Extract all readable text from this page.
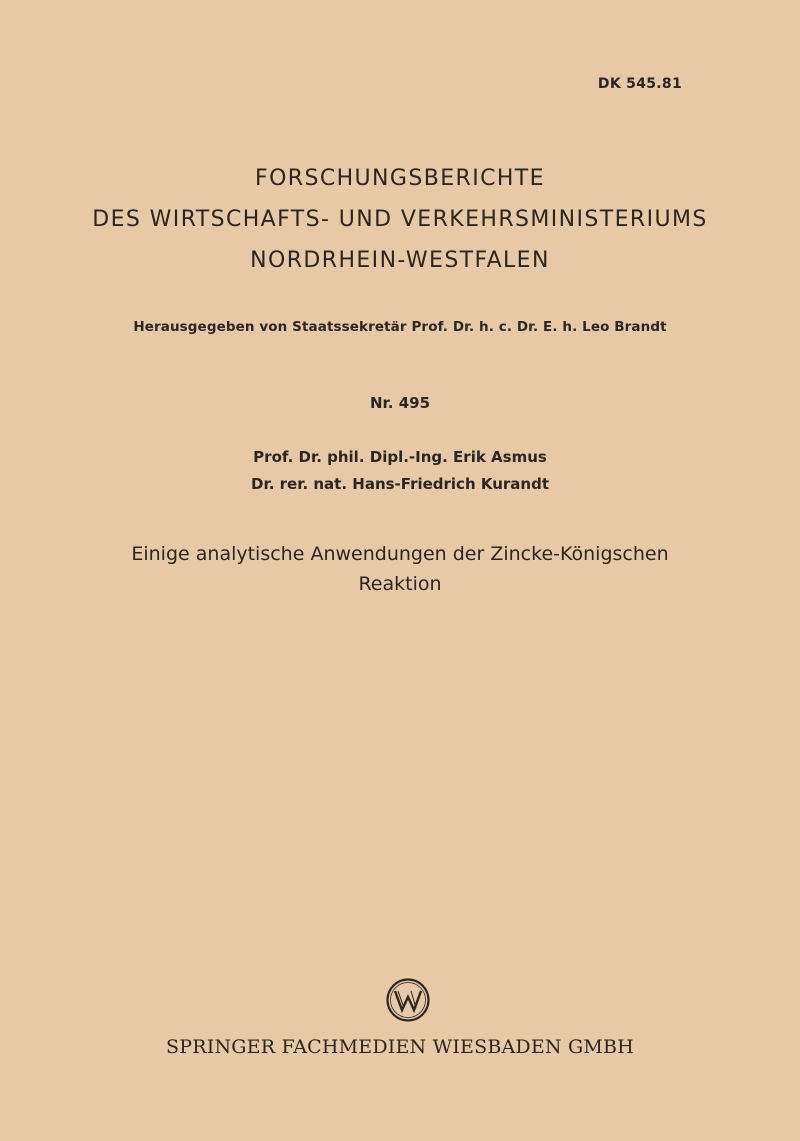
DK 545.81
FORSCHUNGSBERICHTE
DES WIRTSCHAFTS- UND VERKEHRSMINISTERIUMS
NORDRHEIN-WESTFALEN
Herausgegeben von Staatssekretär Prof. Dr. h. c. Dr. E. h. Leo Brandt
Nr. 495
Prof. Dr. phil. Dipl.-Ing. Erik Asmus
Dr. rer. nat. Hans-Friedrich Kurandt
Einige analytische Anwendungen der Zincke-Königschen
Reaktion
SPRINGER FACHMEDIEN WIESBADEN GMBH
